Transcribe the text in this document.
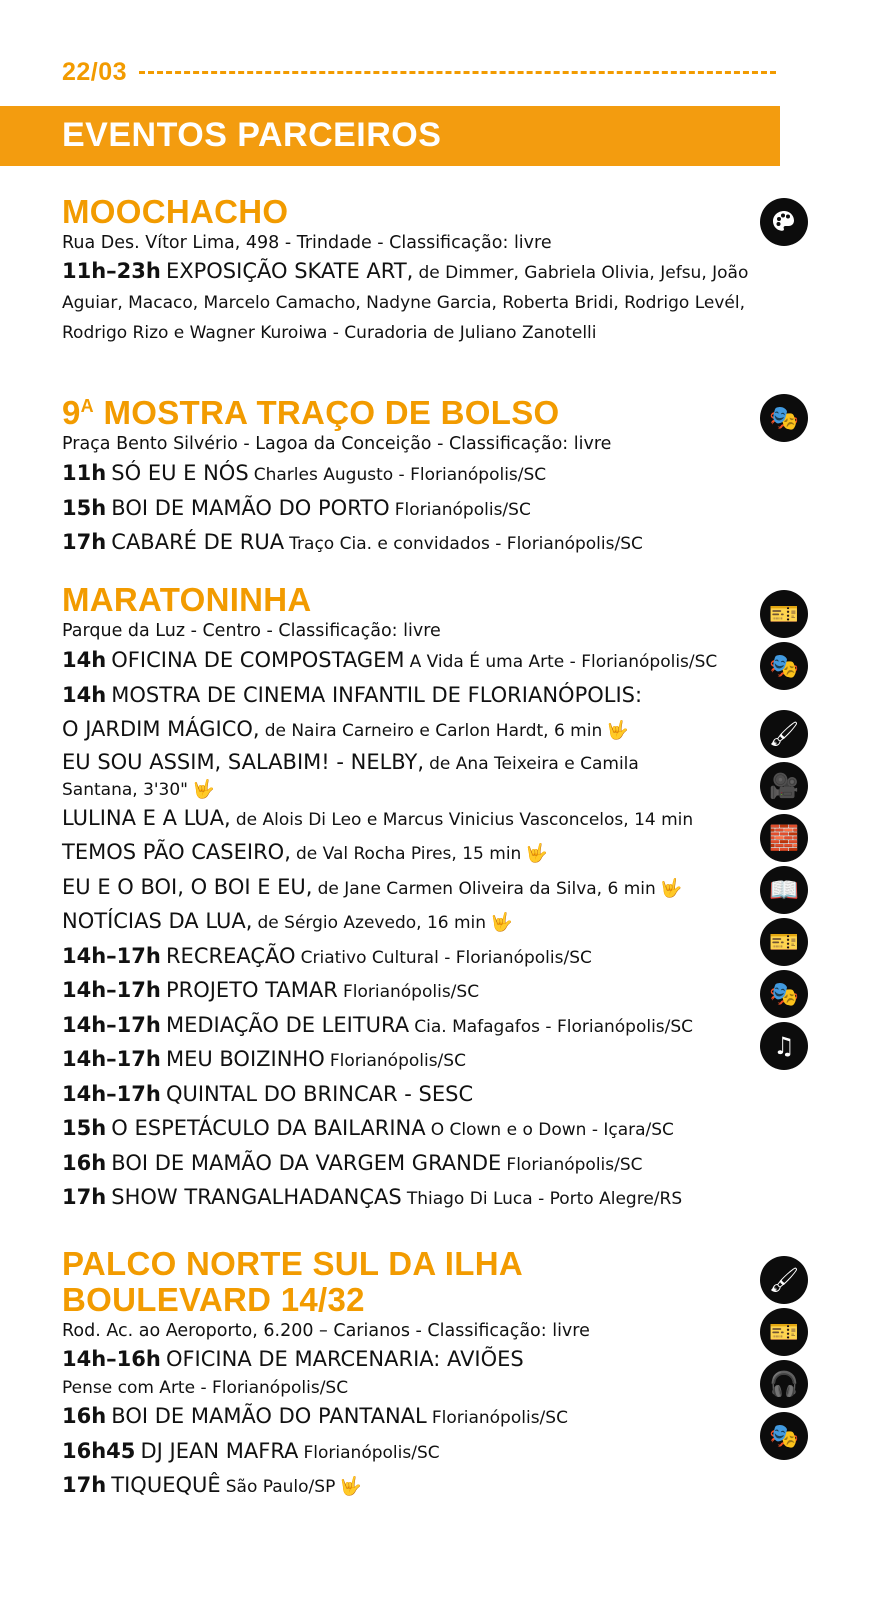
22/03
EVENTOS PARCEIROS
MOOCHACHO
Rua Des. Vítor Lima, 498 - Trindade - Classificação: livre
11h–23h EXPOSIÇÃO SKATE ART, de Dimmer, Gabriela Olivia, Jefsu, João Aguiar, Macaco, Marcelo Camacho, Nadyne Garcia, Roberta Bridi, Rodrigo Levél, Rodrigo Rizo e Wagner Kuroiwa - Curadoria de Juliano Zanotelli
$9^A$ MOSTRA TRAÇO DE BOLSO
Praça Bento Silvério - Lagoa da Conceição - Classificação: livre
11h SÓ EU E NÓS Charles Augusto - Florianópolis/SC
15h BOI DE MAMÃO DO PORTO Florianópolis/SC
17h CABARÉ DE RUA Traço Cia. e convidados - Florianópolis/SC
🎭
MARATONINHA
Parque da Luz - Centro - Classificação: livre
14h OFICINA DE COMPOSTAGEM A Vida É uma Arte - Florianópolis/SC
14h MOSTRA DE CINEMA INFANTIL DE FLORIANÓPOLIS:
O JARDIM MÁGICO, de Naira Carneiro e Carlon Hardt, 6 min 🤟
EU SOU ASSIM, SALABIM! - NELBY, de Ana Teixeira e Camila
Santana, 3'30" 🤟
LULINA E A LUA, de Alois Di Leo e Marcus Vinicius Vasconcelos, 14 min
TEMOS PÃO CASEIRO, de Val Rocha Pires, 15 min 🤟
EU E O BOI, O BOI E EU, de Jane Carmen Oliveira da Silva, 6 min 🤟
NOTÍCIAS DA LUA, de Sérgio Azevedo, 16 min 🤟
14h–17h RECREAÇÃO Criativo Cultural - Florianópolis/SC
14h–17h PROJETO TAMAR Florianópolis/SC
14h–17h MEDIAÇÃO DE LEITURA Cia. Mafagafos - Florianópolis/SC
14h–17h MEU BOIZINHO Florianópolis/SC
14h–17h QUINTAL DO BRINCAR - SESC
15h O ESPETÁCULO DA BAILARINA O Clown e o Down - Içara/SC
16h BOI DE MAMÃO DA VARGEM GRANDE Florianópolis/SC
17h SHOW TRANGALHADANÇAS Thiago Di Luca - Porto Alegre/RS
🎫
🎭
🖌
🎥
🧱
📖
🎫
🎭
♫
PALCO NORTE SUL DA ILHA
BOULEVARD 14/32
Rod. Ac. ao Aeroporto, 6.200 – Carianos - Classificação: livre
14h–16h OFICINA DE MARCENARIA: AVIÕES
Pense com Arte - Florianópolis/SC
16h BOI DE MAMÃO DO PANTANAL Florianópolis/SC
16h45 DJ JEAN MAFRA Florianópolis/SC
17h TIQUEQUÊ São Paulo/SP 🤟
🖌
🎫
🎧
🎭
